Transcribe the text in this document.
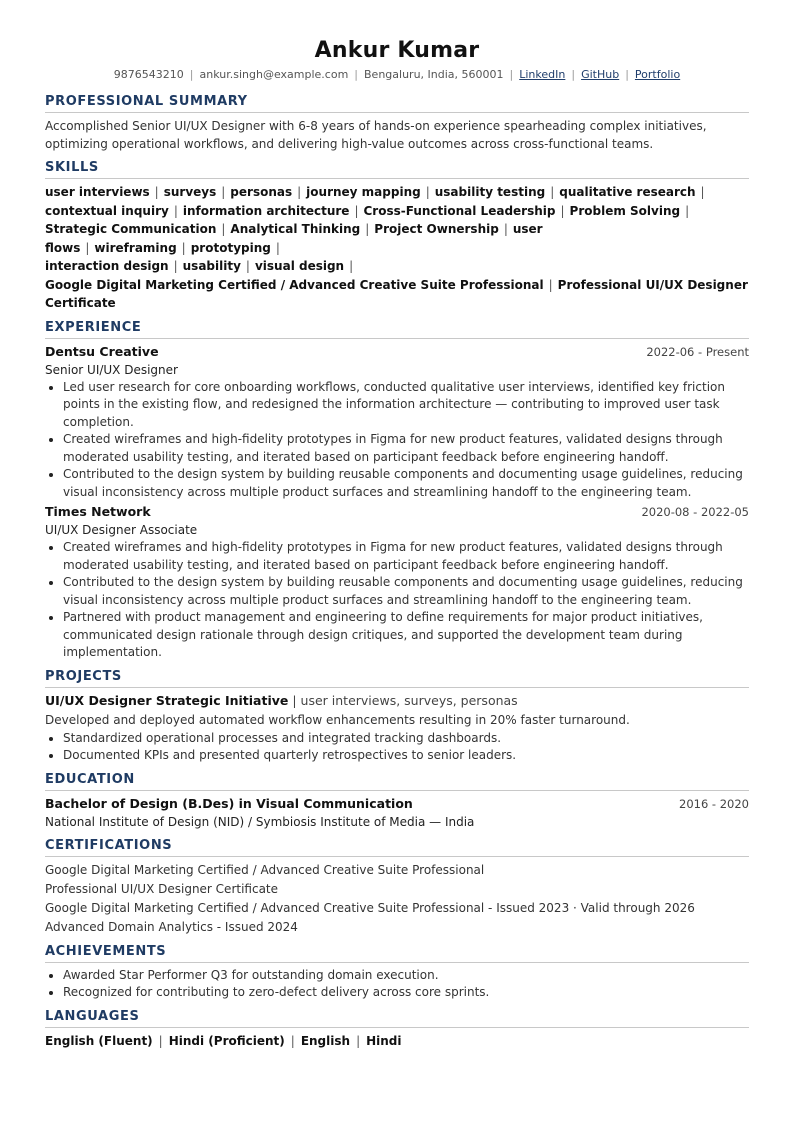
Ankur Kumar
9876543210 | ankur.singh@example.com | Bengaluru, India, 560001 | LinkedIn | GitHub | Portfolio
PROFESSIONAL SUMMARY
Accomplished Senior UI/UX Designer with 6-8 years of hands-on experience spearheading complex initiatives, optimizing operational workflows, and delivering high-value outcomes across cross-functional teams.
SKILLS
user interviews | surveys | personas | journey mapping | usability testing | qualitative research |
contextual inquiry | information architecture | Cross-Functional Leadership | Problem Solving |
Strategic Communication | Analytical Thinking | Project Ownership | user flows | wireframing | prototyping |
interaction design | usability | visual design |
Google Digital Marketing Certified / Advanced Creative Suite Professional | Professional UI/UX Designer Certificate
EXPERIENCE
Dentsu Creative	2022-06 - Present
Senior UI/UX Designer
Led user research for core onboarding workflows, conducted qualitative user interviews, identified key friction points in the existing flow, and redesigned the information architecture — contributing to improved user task completion.
Created wireframes and high-fidelity prototypes in Figma for new product features, validated designs through moderated usability testing, and iterated based on participant feedback before engineering handoff.
Contributed to the design system by building reusable components and documenting usage guidelines, reducing visual inconsistency across multiple product surfaces and streamlining handoff to the engineering team.
Times Network	2020-08 - 2022-05
UI/UX Designer Associate
Created wireframes and high-fidelity prototypes in Figma for new product features, validated designs through moderated usability testing, and iterated based on participant feedback before engineering handoff.
Contributed to the design system by building reusable components and documenting usage guidelines, reducing visual inconsistency across multiple product surfaces and streamlining handoff to the engineering team.
Partnered with product management and engineering to define requirements for major product initiatives, communicated design rationale through design critiques, and supported the development team during implementation.
PROJECTS
UI/UX Designer Strategic Initiative | user interviews, surveys, personas
Developed and deployed automated workflow enhancements resulting in 20% faster turnaround.
Standardized operational processes and integrated tracking dashboards.
Documented KPIs and presented quarterly retrospectives to senior leaders.
EDUCATION
Bachelor of Design (B.Des) in Visual Communication	2016 - 2020
National Institute of Design (NID) / Symbiosis Institute of Media — India
CERTIFICATIONS
Google Digital Marketing Certified / Advanced Creative Suite Professional
Professional UI/UX Designer Certificate
Google Digital Marketing Certified / Advanced Creative Suite Professional - Issued 2023 · Valid through 2026
Advanced Domain Analytics - Issued 2024
ACHIEVEMENTS
Awarded Star Performer Q3 for outstanding domain execution.
Recognized for contributing to zero-defect delivery across core sprints.
LANGUAGES
English (Fluent) | Hindi (Proficient) | English | Hindi
